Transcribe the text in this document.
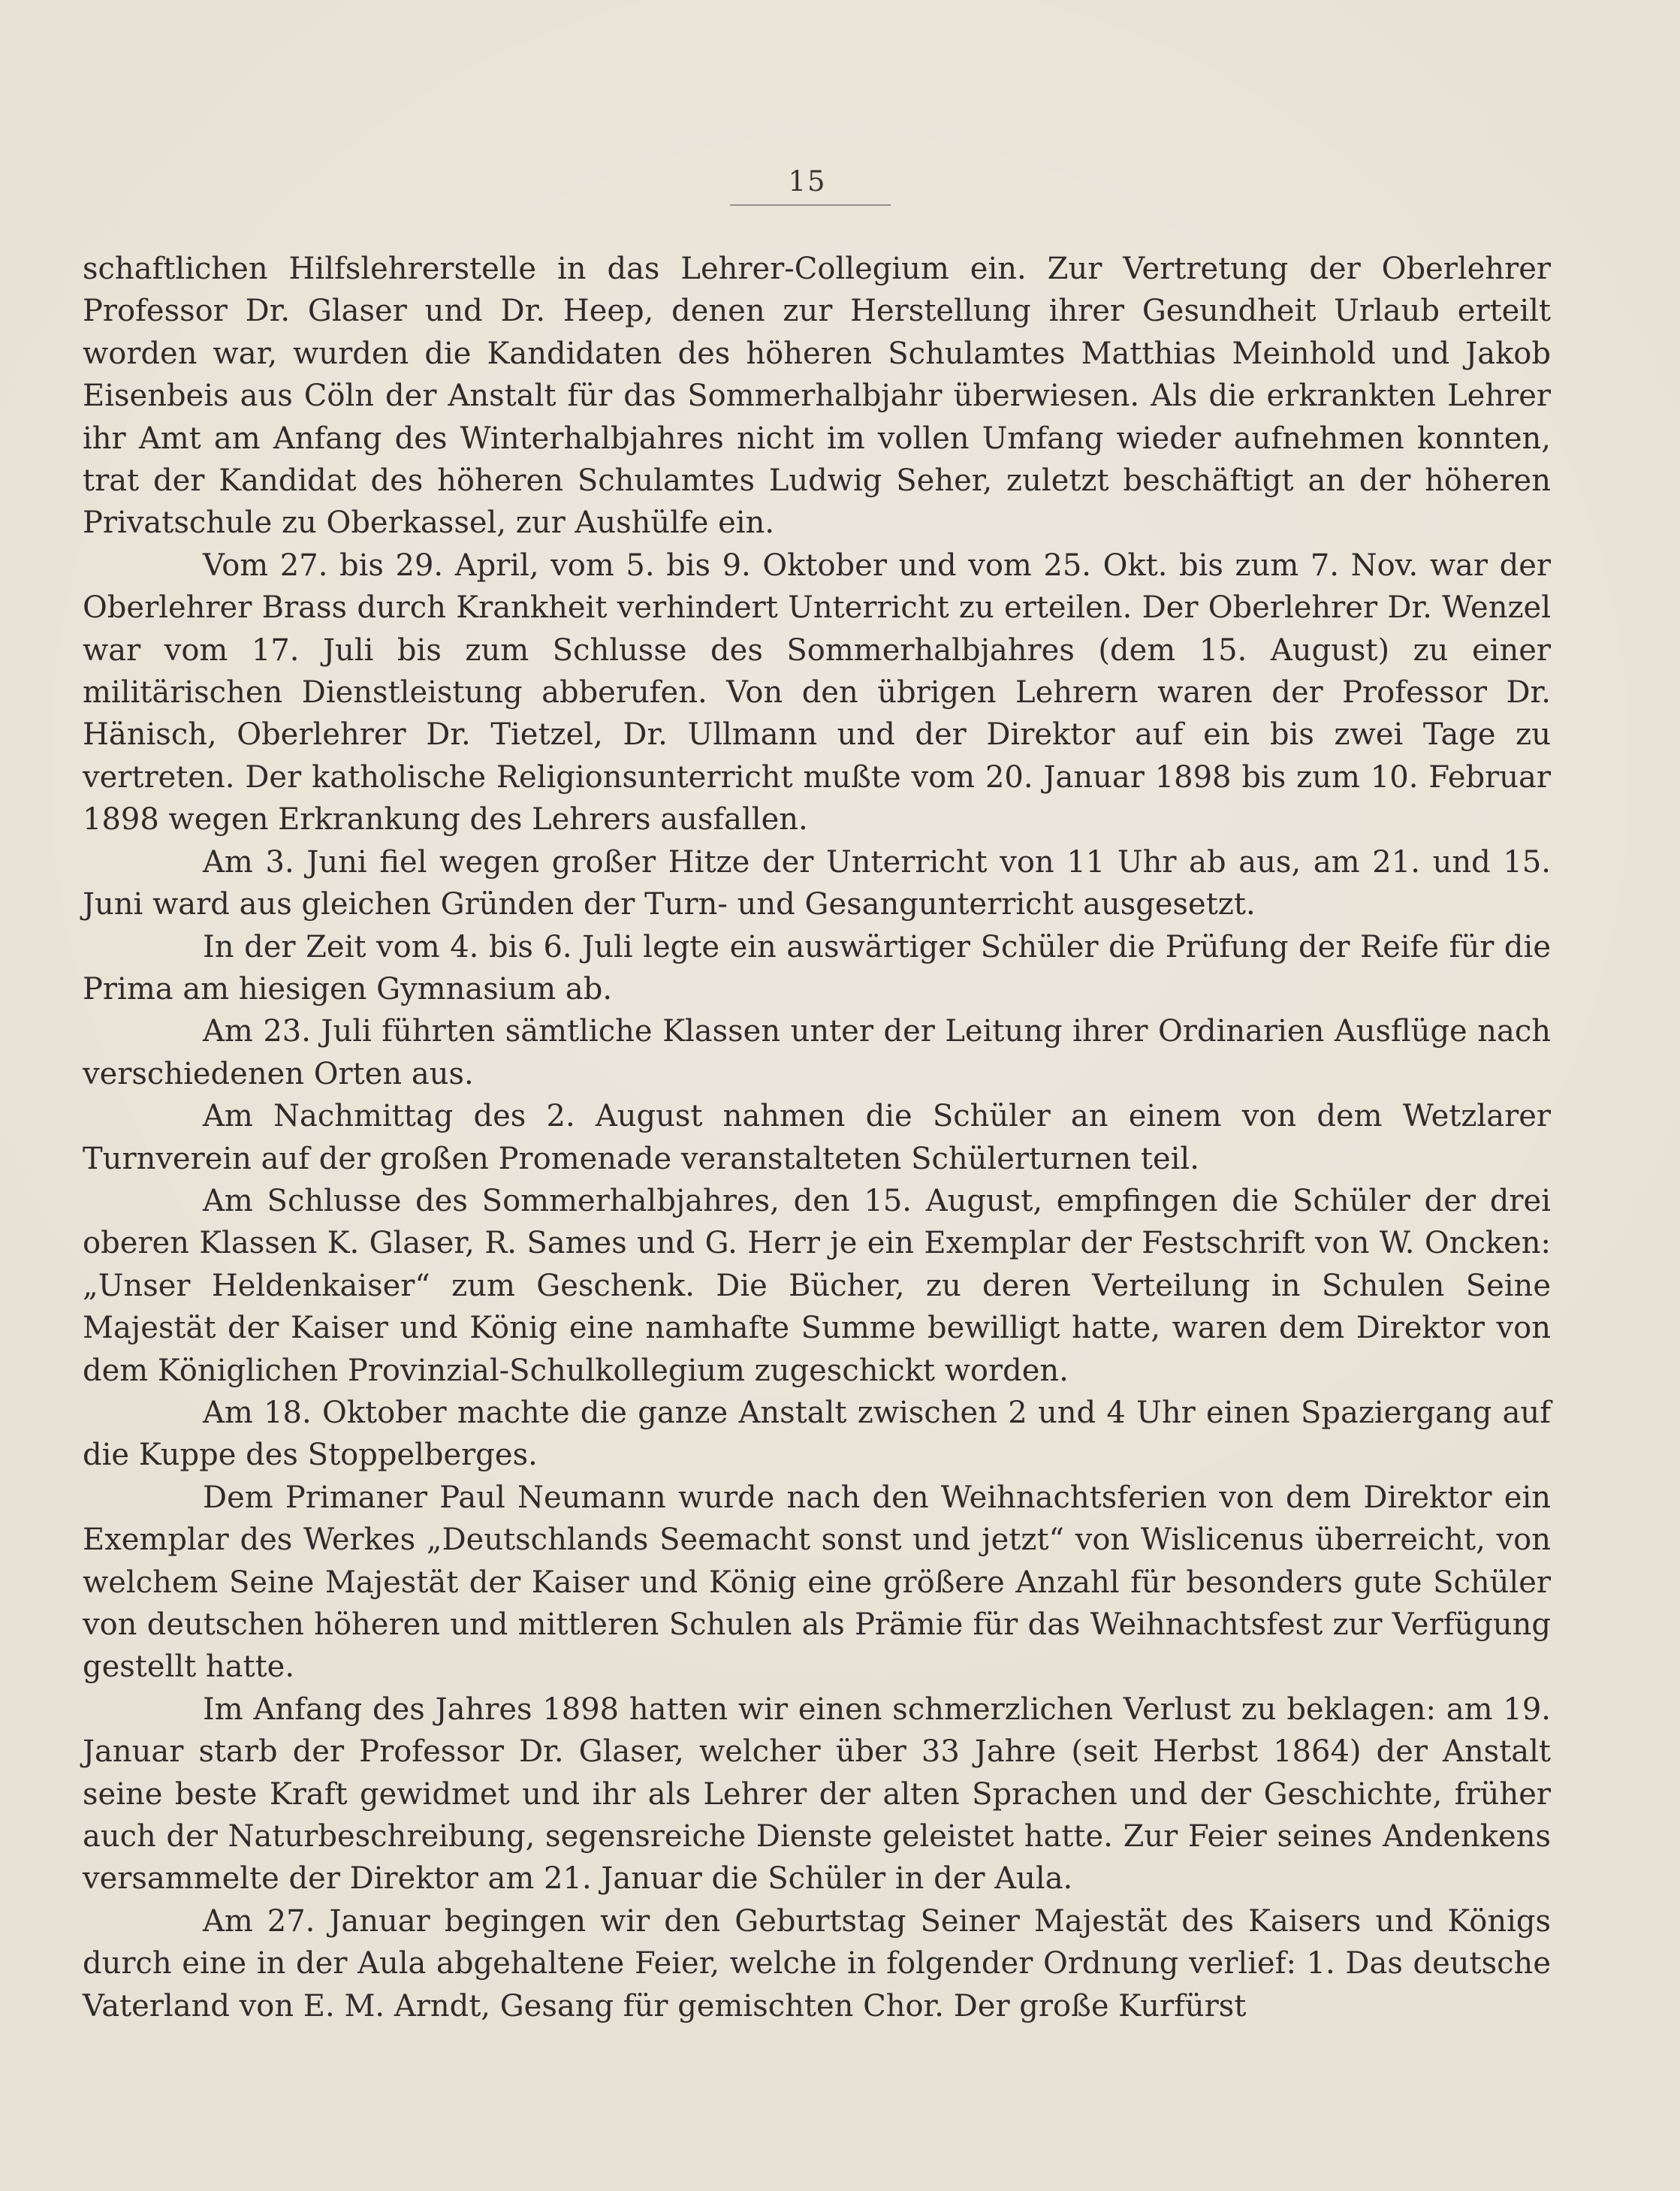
15

schaftlichen Hilfslehrerstelle in das Lehrer-Collegium ein. Zur Vertretung der Oberlehrer Professor Dr. Glaser und Dr. Heep, denen zur Herstellung ihrer Gesundheit Urlaub erteilt worden war, wurden die Kandidaten des höheren Schulamtes Matthias Meinhold und Jakob Eisenbeis aus Cöln der Anstalt für das Sommerhalbjahr überwiesen. Als die erkrankten Lehrer ihr Amt am Anfang des Winterhalbjahres nicht im vollen Umfang wieder aufnehmen konnten, trat der Kandidat des höheren Schulamtes Ludwig Seher, zuletzt beschäftigt an der höheren Privatschule zu Oberkassel, zur Aushülfe ein.

Vom 27. bis 29. April, vom 5. bis 9. Oktober und vom 25. Okt. bis zum 7. Nov. war der Oberlehrer Brass durch Krankheit verhindert Unterricht zu erteilen. Der Oberlehrer Dr. Wenzel war vom 17. Juli bis zum Schlusse des Sommerhalbjahres (dem 15. August) zu einer militärischen Dienstleistung abberufen. Von den übrigen Lehrern waren der Professor Dr. Hänisch, Oberlehrer Dr. Tietzel, Dr. Ullmann und der Direktor auf ein bis zwei Tage zu vertreten. Der katholische Religionsunterricht mußte vom 20. Januar 1898 bis zum 10. Februar 1898 wegen Erkrankung des Lehrers ausfallen.

Am 3. Juni fiel wegen großer Hitze der Unterricht von 11 Uhr ab aus, am 21. und 15. Juni ward aus gleichen Gründen der Turn- und Gesangunterricht ausgesetzt.

In der Zeit vom 4. bis 6. Juli legte ein auswärtiger Schüler die Prüfung der Reife für die Prima am hiesigen Gymnasium ab.

Am 23. Juli führten sämtliche Klassen unter der Leitung ihrer Ordinarien Ausflüge nach verschiedenen Orten aus.

Am Nachmittag des 2. August nahmen die Schüler an einem von dem Wetzlarer Turnverein auf der großen Promenade veranstalteten Schülerturnen teil.

Am Schlusse des Sommerhalbjahres, den 15. August, empfingen die Schüler der drei oberen Klassen K. Glaser, R. Sames und G. Herr je ein Exemplar der Festschrift von W. Oncken: „Unser Heldenkaiser“ zum Geschenk. Die Bücher, zu deren Verteilung in Schulen Seine Majestät der Kaiser und König eine namhafte Summe bewilligt hatte, waren dem Direktor von dem Königlichen Provinzial-Schulkollegium zugeschickt worden.

Am 18. Oktober machte die ganze Anstalt zwischen 2 und 4 Uhr einen Spaziergang auf die Kuppe des Stoppelberges.

Dem Primaner Paul Neumann wurde nach den Weihnachtsferien von dem Direktor ein Exemplar des Werkes „Deutschlands Seemacht sonst und jetzt“ von Wislicenus überreicht, von welchem Seine Majestät der Kaiser und König eine größere Anzahl für besonders gute Schüler von deutschen höheren und mittleren Schulen als Prämie für das Weihnachtsfest zur Verfügung gestellt hatte.

Im Anfang des Jahres 1898 hatten wir einen schmerzlichen Verlust zu beklagen: am 19. Januar starb der Professor Dr. Glaser, welcher über 33 Jahre (seit Herbst 1864) der Anstalt seine beste Kraft gewidmet und ihr als Lehrer der alten Sprachen und der Geschichte, früher auch der Naturbeschreibung, segensreiche Dienste geleistet hatte. Zur Feier seines Andenkens versammelte der Direktor am 21. Januar die Schüler in der Aula.

Am 27. Januar begingen wir den Geburtstag Seiner Majestät des Kaisers und Königs durch eine in der Aula abgehaltene Feier, welche in folgender Ordnung verlief: 1. Das deutsche Vaterland von E. M. Arndt, Gesang für gemischten Chor. Der große Kurfürst
